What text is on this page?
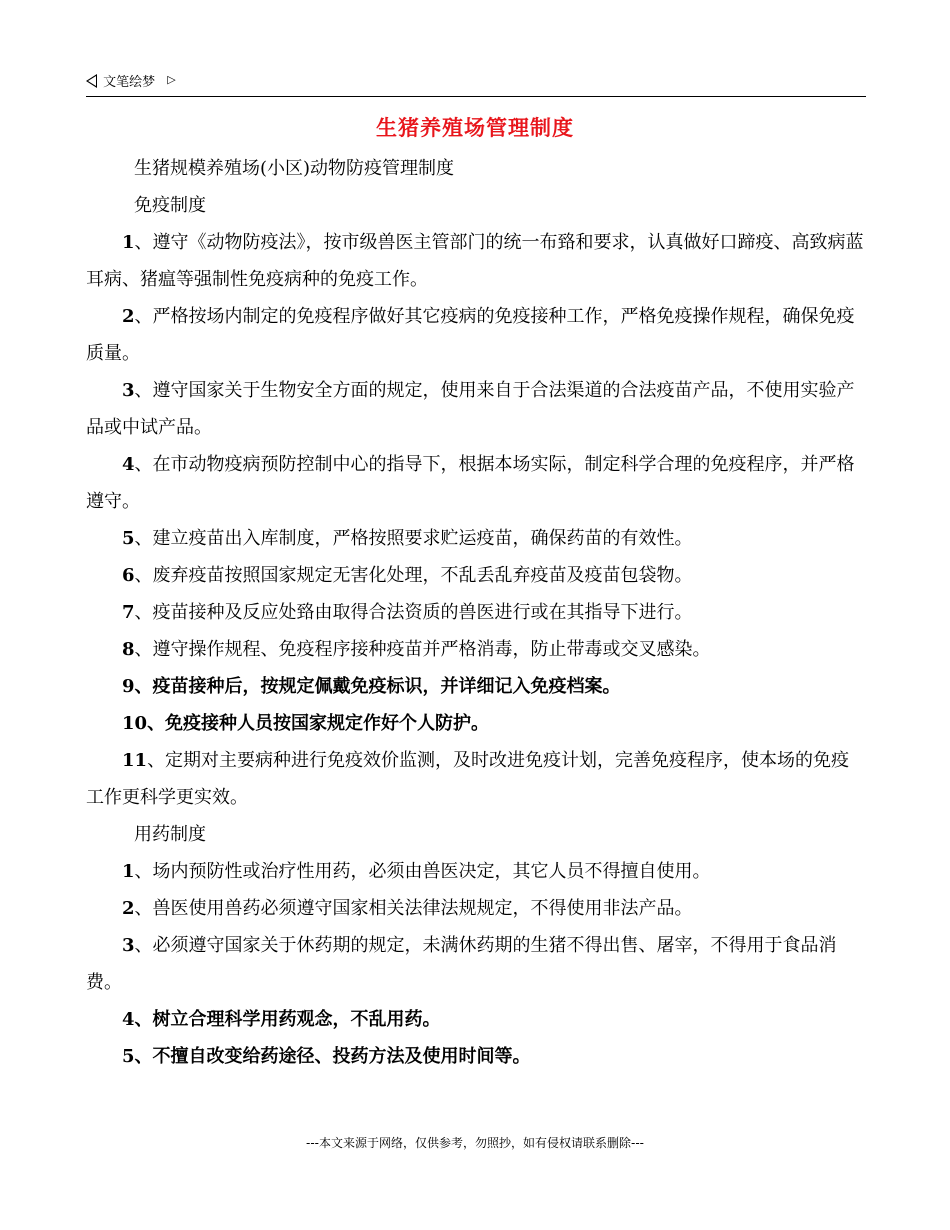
文笔绘梦 ▷
生猪养殖场管理制度

生猪规模养殖场(小区)动物防疫管理制度

免疫制度

1、遵守《动物防疫法》，按市级兽医主管部门的统一布臵和要求，认真做好口蹄疫、高致病蓝耳病、猪瘟等强制性免疫病种的免疫工作。

2、严格按场内制定的免疫程序做好其它疫病的免疫接种工作，严格免疫操作规程，确保免疫质量。

3、遵守国家关于生物安全方面的规定，使用来自于合法渠道的合法疫苗产品，不使用实验产品或中试产品。

4、在市动物疫病预防控制中心的指导下，根据本场实际，制定科学合理的免疫程序，并严格遵守。

5、建立疫苗出入库制度，严格按照要求贮运疫苗，确保药苗的有效性。

6、废弃疫苗按照国家规定无害化处理，不乱丢乱弃疫苗及疫苗包袋物。

7、疫苗接种及反应处臵由取得合法资质的兽医进行或在其指导下进行。

8、遵守操作规程、免疫程序接种疫苗并严格消毒，防止带毒或交叉感染。

9、疫苗接种后，按规定佩戴免疫标识，并详细记入免疫档案。

10、免疫接种人员按国家规定作好个人防护。

11、定期对主要病种进行免疫效价监测，及时改进免疫计划，完善免疫程序，使本场的免疫工作更科学更实效。

用药制度

1、场内预防性或治疗性用药，必须由兽医决定，其它人员不得擅自使用。

2、兽医使用兽药必须遵守国家相关法律法规规定，不得使用非法产品。

3、必须遵守国家关于休药期的规定，未满休药期的生猪不得出售、屠宰，不得用于食品消费。

4、树立合理科学用药观念，不乱用药。

5、不擅自改变给药途径、投药方法及使用时间等。

---本文来源于网络，仅供参考，勿照抄，如有侵权请联系删除---
